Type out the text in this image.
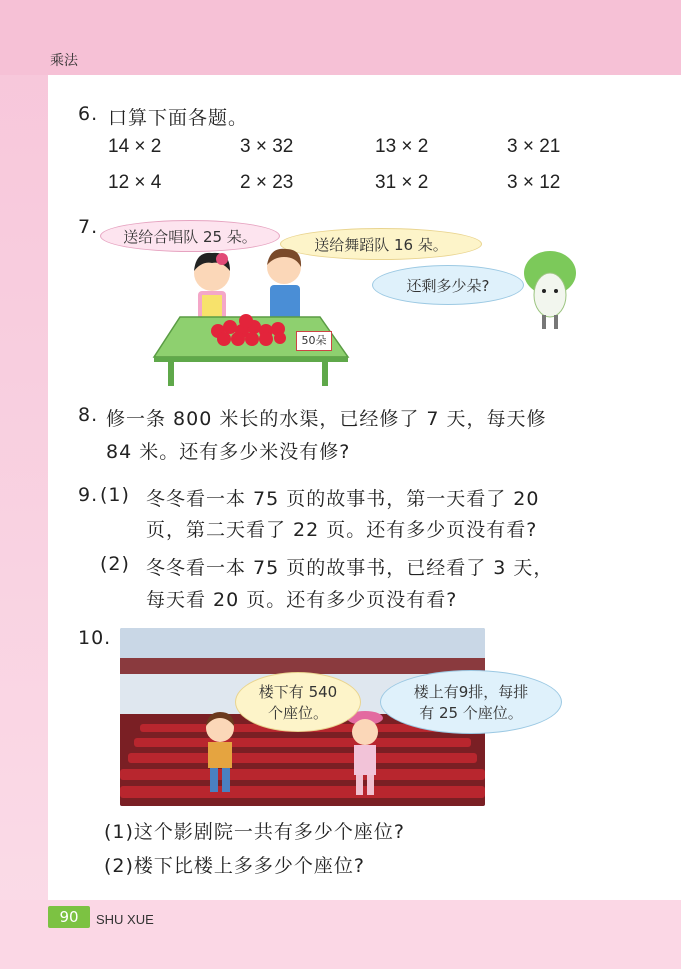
乘法
6. 口算下面各题。
14 × 2	3 × 32	13 × 2	3 × 21
12 × 4	2 × 23	31 × 2	3 × 12
7. 送给合唱队 25 朵。	送给舞蹈队 16 朵。
还剩多少朵?
50朵
8. 修一条 800 米长的水渠，已经修了 7 天，每天修
84 米。还有多少米没有修?
9. (1) 冬冬看一本 75 页的故事书，第一天看了 20
页，第二天看了 22 页。还有多少页没有看?
(2) 冬冬看一本 75 页的故事书，已经看了 3 天，
每天看 20 页。还有多少页没有看?
10.
楼下有 540
个座位。
楼上有9排，每排
有 25 个座位。
(1)这个影剧院一共有多少个座位?
(2)楼下比楼上多多少个座位?
90	SHU XUE
